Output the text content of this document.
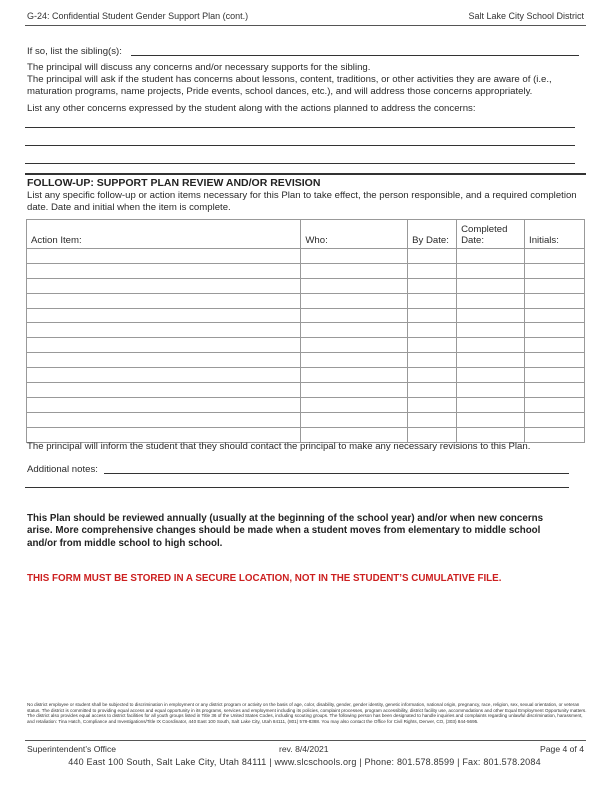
G-24: Confidential Student Gender Support Plan (cont.)	Salt Lake City School District
If so, list the sibling(s):
The principal will discuss any concerns and/or necessary supports for the sibling.
The principal will ask if the student has concerns about lessons, content, traditions, or other activities they are aware of (i.e., maturation programs, name projects, Pride events, school dances, etc.), and will address those concerns appropriately.
List any other concerns expressed by the student along with the actions planned to address the concerns:
FOLLOW-UP: SUPPORT PLAN REVIEW AND/OR REVISION
List any specific follow-up or action items necessary for this Plan to take effect, the person responsible, and a required completion date. Date and initial when the item is complete.
Action Item:	Who:	By Date:	Completed Date:	Initials:

The principal will inform the student that they should contact the principal to make any necessary revisions to this Plan.
Additional notes:
This Plan should be reviewed annually (usually at the beginning of the school year) and/or when new concerns arise. More comprehensive changes should be made when a student moves from elementary to middle school and/or from middle school to high school.
THIS FORM MUST BE STORED IN A SECURE LOCATION, NOT IN THE STUDENT’S CUMULATIVE FILE.
No district employee or student shall be subjected to discrimination in employment or any district program or activity on the basis of age, color, disability, gender, gender identity, genetic information, national origin, pregnancy, race, religion, sex, sexual orientation, or veteran status. The district is committed to providing equal access and equal opportunity in its programs, services and employment including its policies, complaint processes, program accessibility, district facility use, accommodations and other Equal Employment Opportunity matters. The district also provides equal access to district facilities for all youth groups listed in Title 36 of the United States Codes, including scouting groups. The following person has been designated to handle inquiries and complaints regarding unlawful discrimination, harassment, and retaliation: Tina Hatch, Compliance and Investigations/Title IX Coordinator, 440 East 100 South, Salt Lake City, Utah 84111, (801) 578-8388. You may also contact the Office for Civil Rights, Denver, CO, (303) 844-5695.
Superintendent’s Office	rev. 8/4/2021	Page 4 of 4
440 East 100 South, Salt Lake City, Utah 84111 | www.slcschools.org | Phone: 801.578.8599 | Fax: 801.578.2084
